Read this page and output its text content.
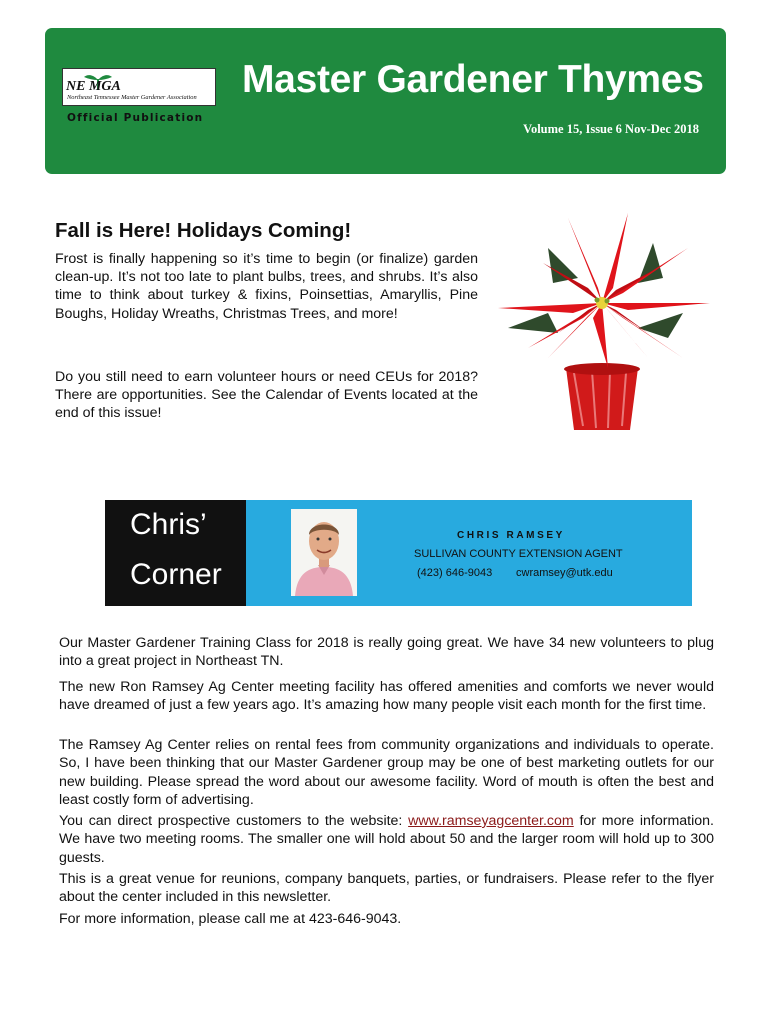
NE MGA
Northeast Tennessee Master Gardener Association
Official Publication
Master Gardener Thymes
Volume 15, Issue 6 Nov-Dec 2018
Fall is Here! Holidays Coming!

Frost is finally happening so it’s time to begin (or finalize) garden clean-up. It’s not too late to plant bulbs, trees, and shrubs. It’s also time to think about turkey & fixins, Poinsettias, Amaryllis, Pine Boughs, Holiday Wreaths, Christmas Trees, and more!

Do you still need to earn volunteer hours or need CEUs for 2018? There are opportunities. See the Calendar of Events located at the end of this issue!

Chris’
Corner
CHRIS RAMSEY
SULLIVAN COUNTY EXTENSION AGENT
(423) 646-9043 cwramsey@utk.edu

Our Master Gardener Training Class for 2018 is really going great. We have 34 new volunteers to plug into a great project in Northeast TN.

The new Ron Ramsey Ag Center meeting facility has offered amenities and comforts we never would have dreamed of just a few years ago. It’s amazing how many people visit each month for the first time.

The Ramsey Ag Center relies on rental fees from community organizations and individuals to operate. So, I have been thinking that our Master Gardener group may be one of best marketing outlets for our new building. Please spread the word about our awesome facility. Word of mouth is often the best and least costly form of advertising.

You can direct prospective customers to the website: www.ramseyagcenter.com for more information. We have two meeting rooms. The smaller one will hold about 50 and the larger room will hold up to 300 guests.

This is a great venue for reunions, company banquets, parties, or fundraisers. Please refer to the flyer about the center included in this newsletter.

For more information, please call me at 423-646-9043.
